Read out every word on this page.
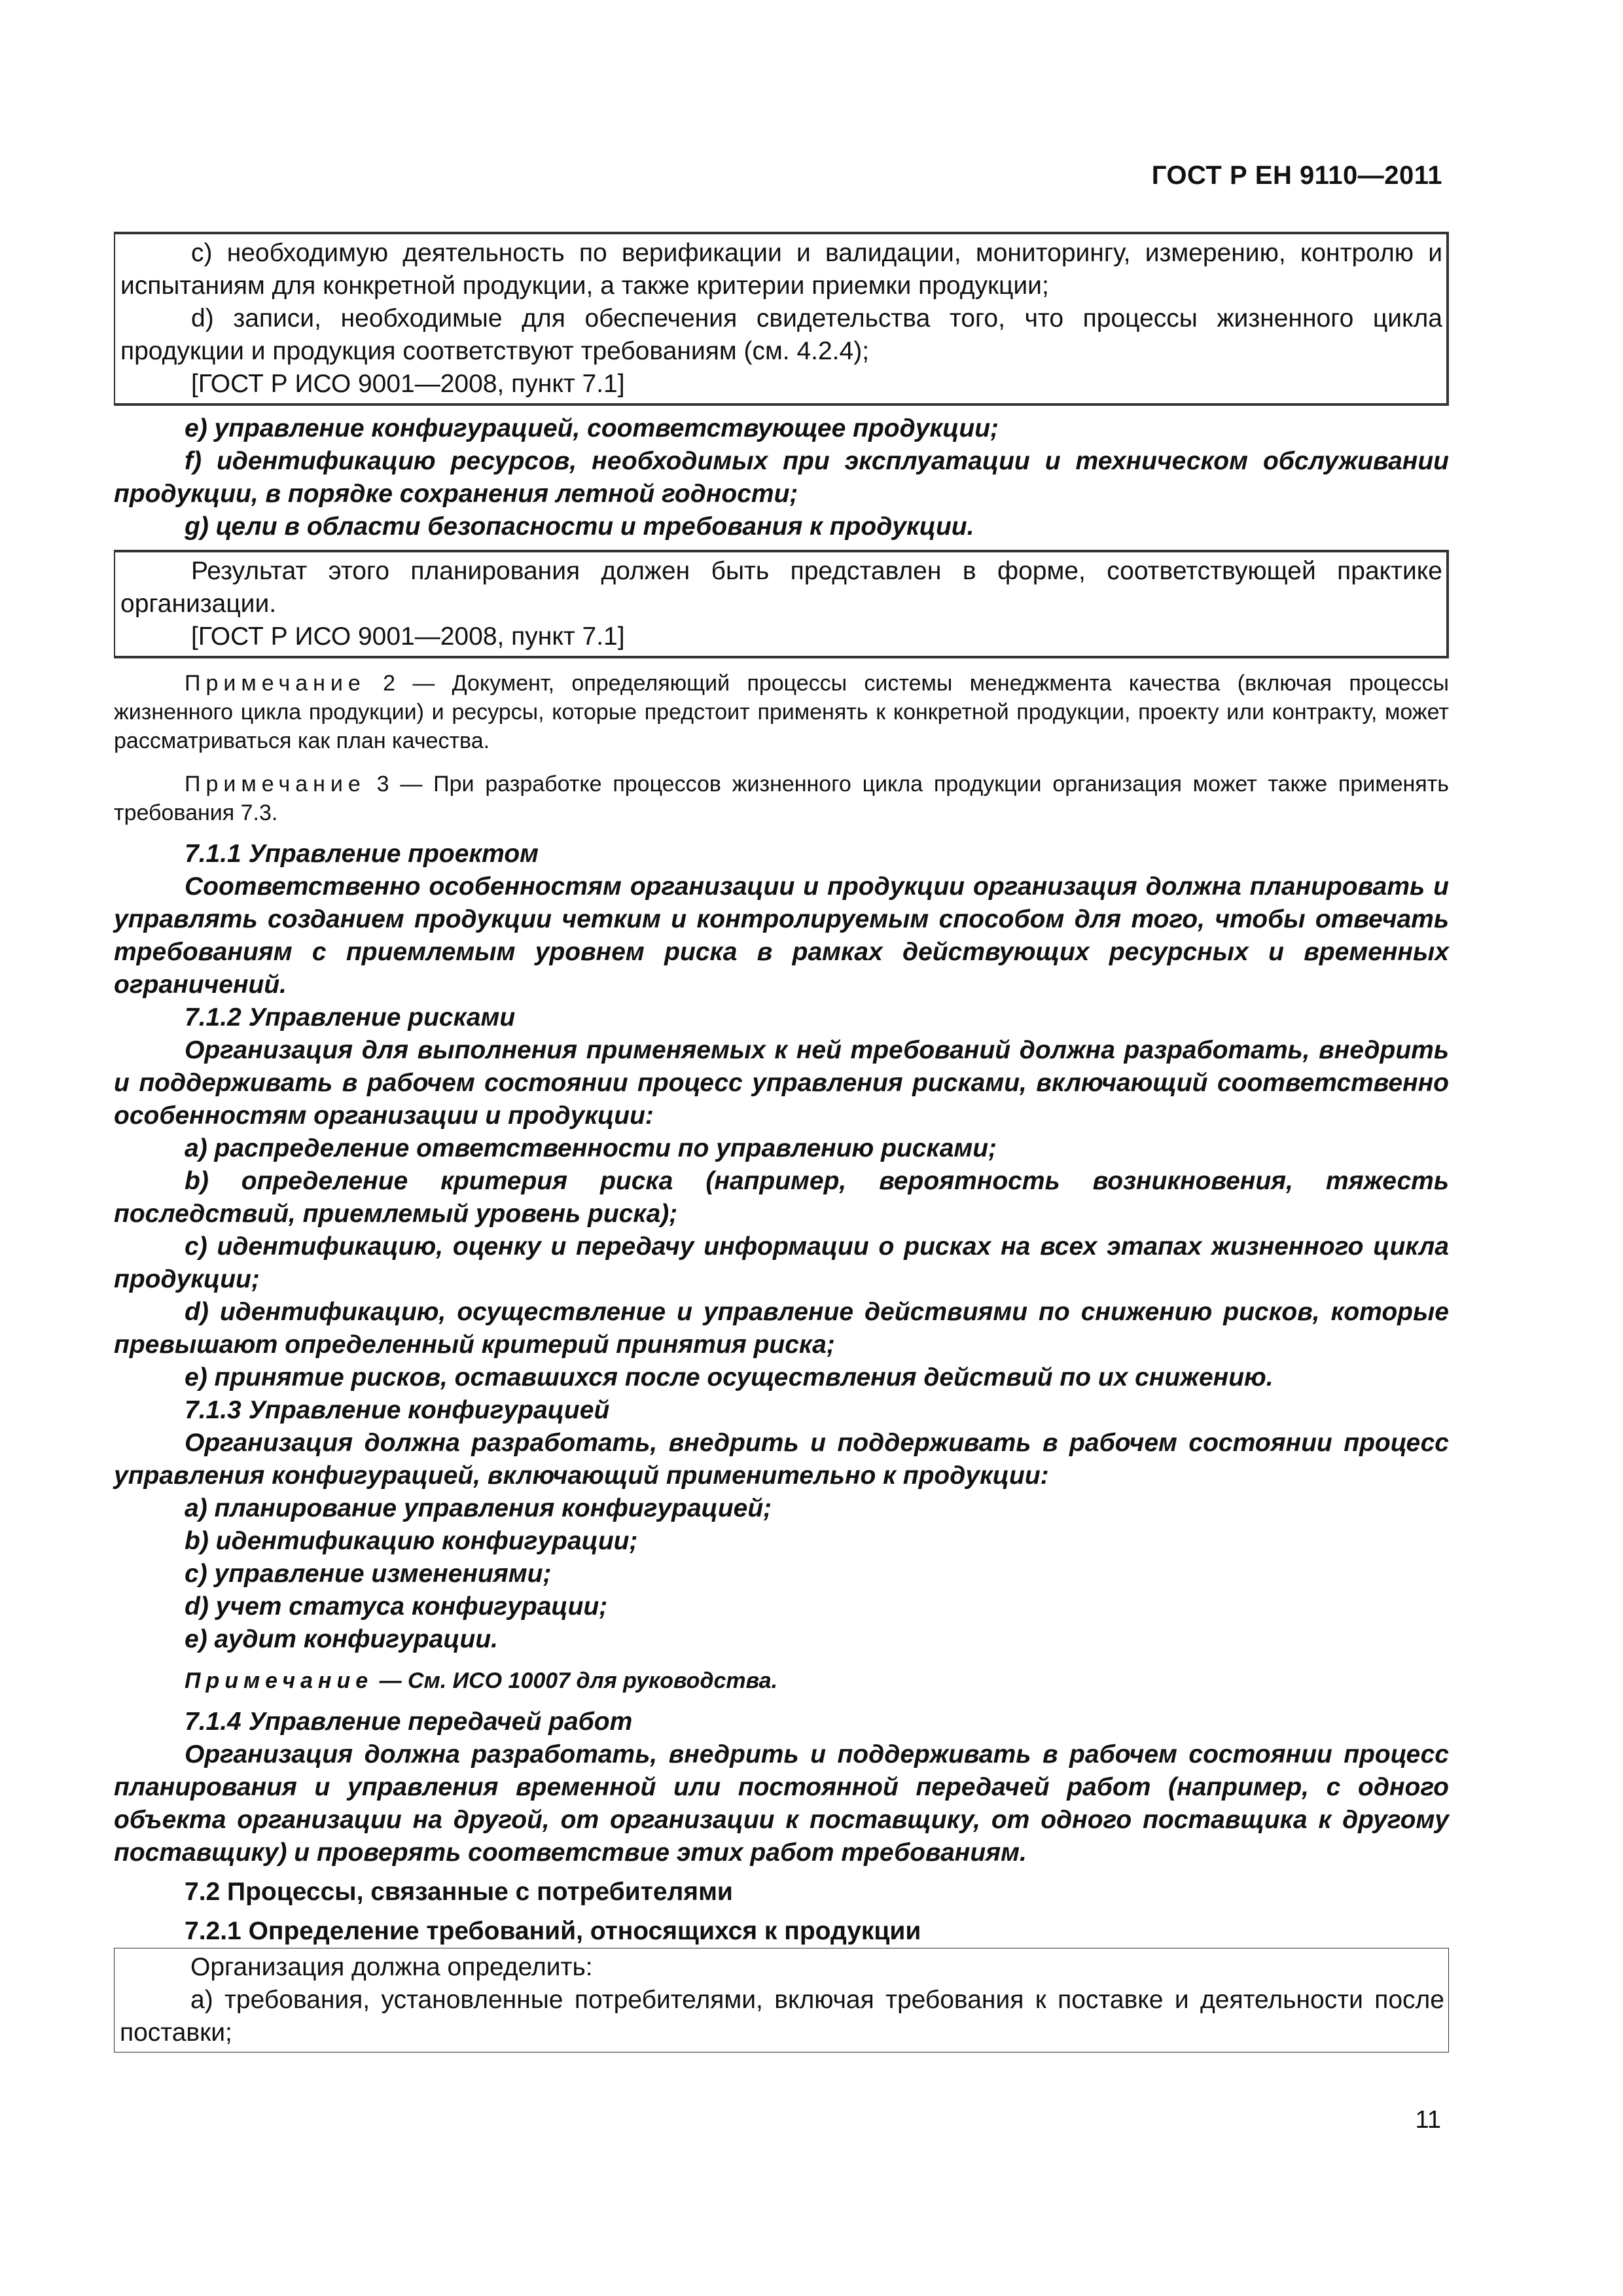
ГОСТ Р ЕН 9110—2011

c) необходимую деятельность по верификации и валидации, мониторингу, измерению, контролю и испытаниям для конкретной продукции, а также критерии приемки продукции;

d) записи, необходимые для обеспечения свидетельства того, что процессы жизненного цикла продукции и продукция соответствуют требованиям (см. 4.2.4);

[ГОСТ Р ИСО 9001—2008, пункт 7.1]

e) управление конфигурацией, соответствующее продукции;

f) идентификацию ресурсов, необходимых при эксплуатации и техническом обслуживании продукции, в порядке сохранения летной годности;

g) цели в области безопасности и требования к продукции.

Результат этого планирования должен быть представлен в форме, соответствующей практике организации.

[ГОСТ Р ИСО 9001—2008, пункт 7.1]

Примечание 2 — Документ, определяющий процессы системы менеджмента качества (включая процессы жизненного цикла продукции) и ресурсы, которые предстоит применять к конкретной продукции, проекту или контракту, может рассматриваться как план качества.

Примечание 3 — При разработке процессов жизненного цикла продукции организация может также применять требования 7.3.

7.1.1 Управление проектом

Соответственно особенностям организации и продукции организация должна планировать и управлять созданием продукции четким и контролируемым способом для того, чтобы отвечать требованиям с приемлемым уровнем риска в рамках действующих ресурсных и временных ограничений.

7.1.2 Управление рисками

Организация для выполнения применяемых к ней требований должна разработать, внедрить и поддерживать в рабочем состоянии процесс управления рисками, включающий соответственно особенностям организации и продукции:

a) распределение ответственности по управлению рисками;

b) определение критерия риска (например, вероятность возникновения, тяжесть последствий, приемлемый уровень риска);

c) идентификацию, оценку и передачу информации о рисках на всех этапах жизненного цикла продукции;

d) идентификацию, осуществление и управление действиями по снижению рисков, которые превышают определенный критерий принятия риска;

e) принятие рисков, оставшихся после осуществления действий по их снижению.

7.1.3 Управление конфигурацией

Организация должна разработать, внедрить и поддерживать в рабочем состоянии процесс управления конфигурацией, включающий применительно к продукции:

a) планирование управления конфигурацией;

b) идентификацию конфигурации;

c) управление изменениями;

d) учет статуса конфигурации;

e) аудит конфигурации.

Примечание — См. ИСО 10007 для руководства.

7.1.4 Управление передачей работ

Организация должна разработать, внедрить и поддерживать в рабочем состоянии процесс планирования и управления временной или постоянной передачей работ (например, с одного объекта организации на другой, от организации к поставщику, от одного поставщика к другому поставщику) и проверять соответствие этих работ требованиям.

7.2 Процессы, связанные с потребителями

7.2.1 Определение требований, относящихся к продукции

Организация должна определить:

a) требования, установленные потребителями, включая требования к поставке и деятельности после поставки;

11
